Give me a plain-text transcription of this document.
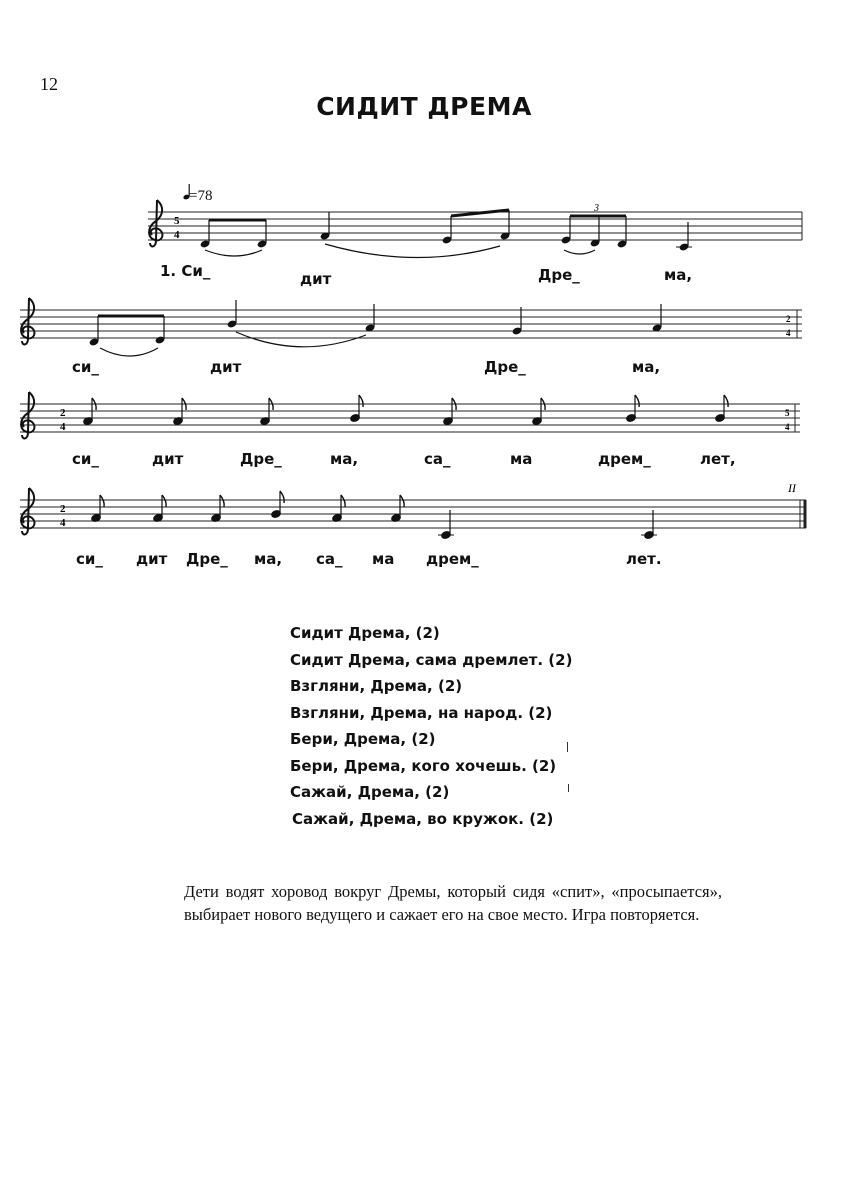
12
СИДИТ ДРЕМА
=78
5
4
3
2
4
2
4
5
4
2
4
II
1. Си_	дит	Дре_	ма,
си_	дит	Дре_	ма,
си_	дит	Дре_	ма,	са_	ма	дрем_	лет,
си_ дит Дре_ ма, са_ ма дрем_	лет.
Сидит Дрема, (2)
Сидит Дрема, сама дремлет. (2)
Взгляни, Дрема, (2)
Взгляни, Дрема, на народ. (2)
Бери, Дрема, (2)
Бери, Дрема, кого хочешь. (2)
Сажай, Дрема, (2)
Сажай, Дрема, во кружок. (2)
Дети водят хоровод вокруг Дремы, который сидя «спит», «просыпается», выбирает нового ведущего и сажает его на свое место. Игра повторяется.
